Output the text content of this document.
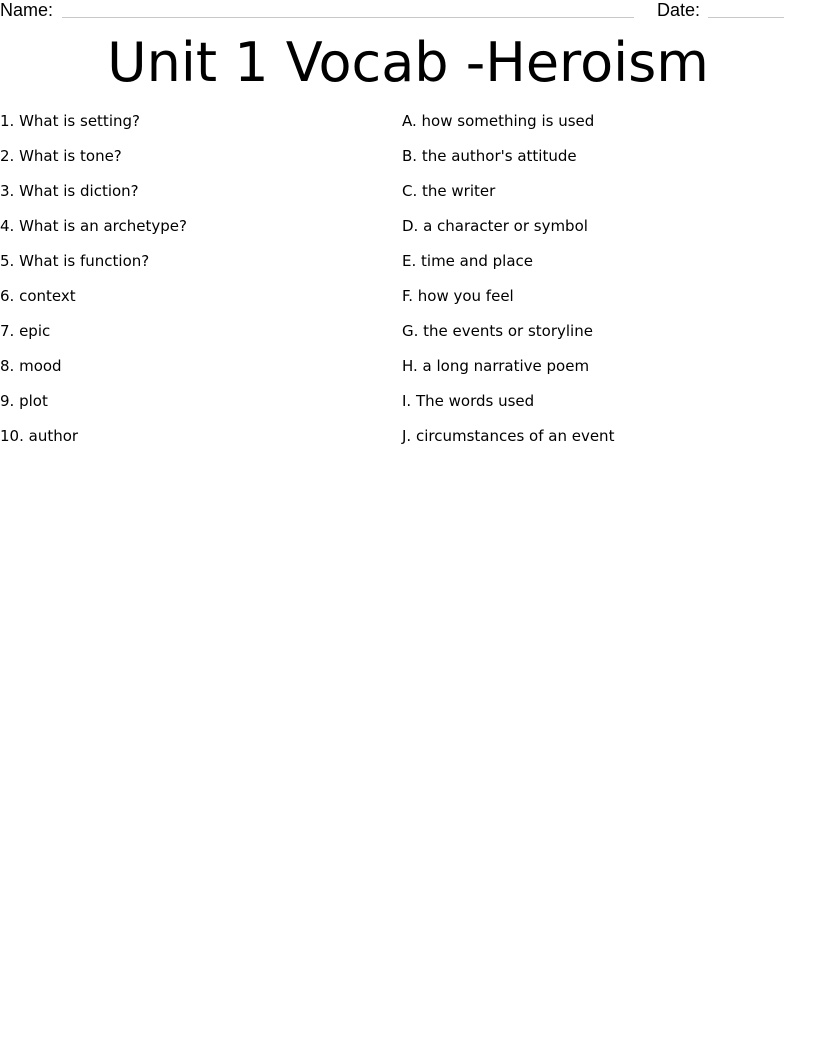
Name:	Date:
Unit 1 Vocab -Heroism
1. What is setting?
2. What is tone?
3. What is diction?
4. What is an archetype?
5. What is function?
6. context
7. epic
8. mood
9. plot
10. author
A. how something is used
B. the author's attitude
C. the writer
D. a character or symbol
E. time and place
F. how you feel
G. the events or storyline
H. a long narrative poem
I. The words used
J. circumstances of an event
